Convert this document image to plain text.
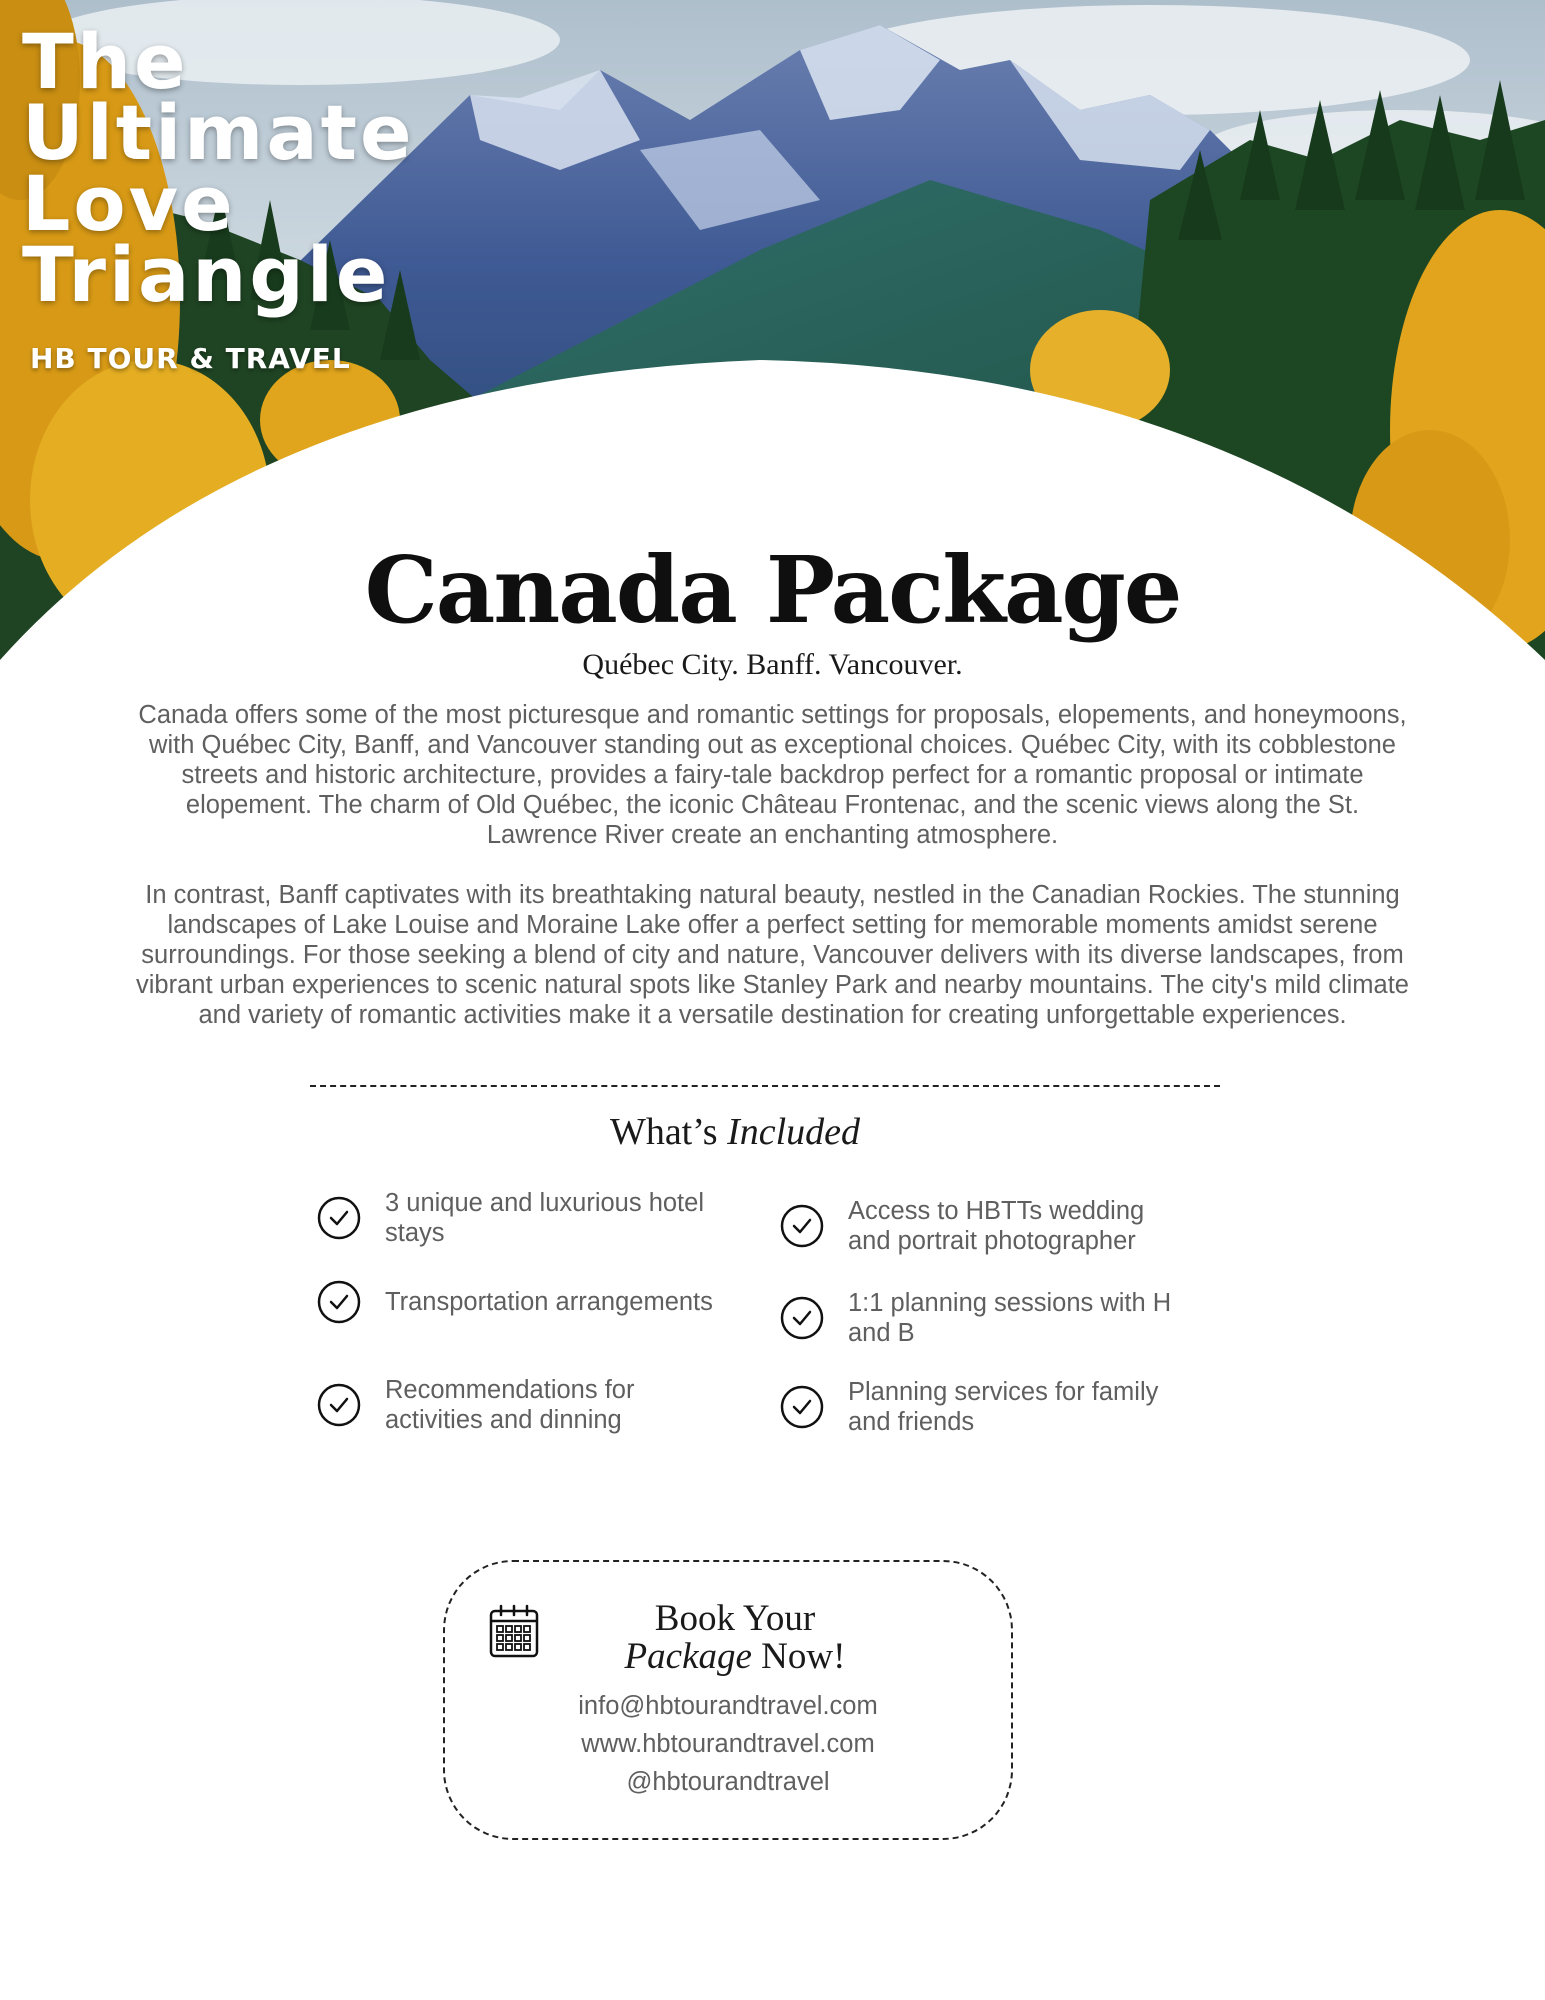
The
Ultimate
Love
Triangle
HB TOUR & TRAVEL
Canada Package
Québec City. Banff. Vancouver.

Canada offers some of the most picturesque and romantic settings for proposals, elopements, and honeymoons, with Québec City, Banff, and Vancouver standing out as exceptional choices. Québec City, with its cobblestone streets and historic architecture, provides a fairy-tale backdrop perfect for a romantic proposal or intimate elopement. The charm of Old Québec, the iconic Château Frontenac, and the scenic views along the St. Lawrence River create an enchanting atmosphere.

In contrast, Banff captivates with its breathtaking natural beauty, nestled in the Canadian Rockies. The stunning landscapes of Lake Louise and Moraine Lake offer a perfect setting for memorable moments amidst serene surroundings. For those seeking a blend of city and nature, Vancouver delivers with its diverse landscapes, from vibrant urban experiences to scenic natural spots like Stanley Park and nearby mountains. The city's mild climate and variety of romantic activities make it a versatile destination for creating unforgettable experiences.

What’s Included
3 unique and luxurious hotel stays
Access to HBTTs wedding and portrait photographer
Transportation arrangements	1:1 planning sessions with H and B
Recommendations for activities and dinning
Planning services for family and friends
Book Your
Package Now!
info@hbtourandtravel.com
www.hbtourandtravel.com
@hbtourandtravel
